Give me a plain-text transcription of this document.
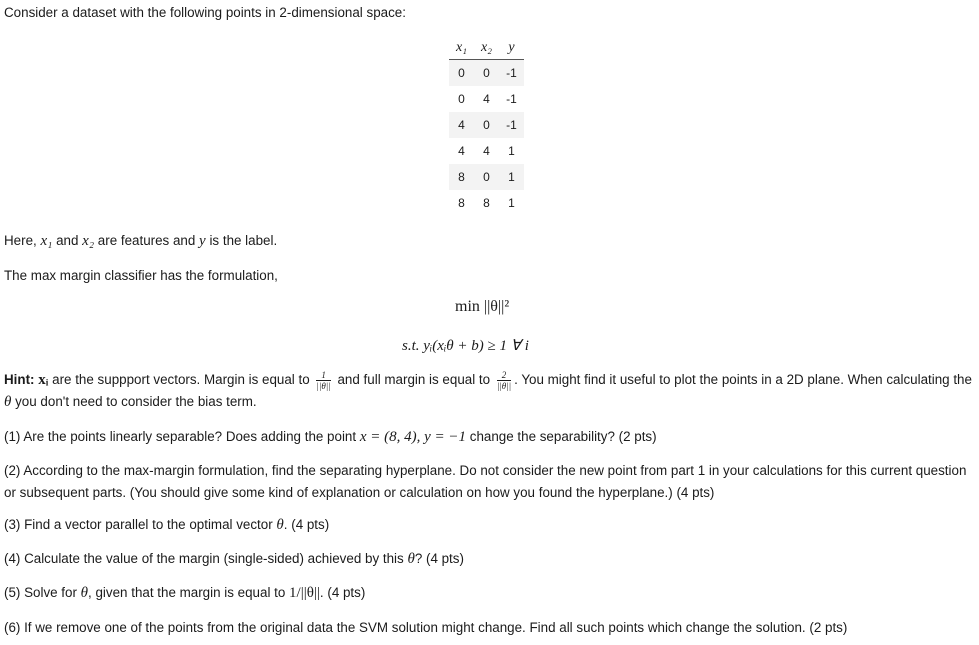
Consider a dataset with the following points in 2-dimensional space:
x₁	x₂	y
0	0	-1
0	4	-1
4	0	-1
4	4	1
8	0	1
8	8	1
Here, x₁ and x₂ are features and y is the label.
The max margin classifier has the formulation,
min ||θ||²
s.t. yᵢ(xᵢθ + b) ≥ 1 ∀ i
Hint: xᵢ are the suppport vectors. Margin is equal to $\frac{1}{||\theta||}$ and full margin is equal to $\frac{2}{||\theta||}$ . You might find it useful to plot the points in a 2D plane. When calculating the θ you don't need to consider the bias term.
(1) Are the points linearly separable? Does adding the point x = (8, 4), y = −1 change the separability? (2 pts)
(2) According to the max-margin formulation, find the separating hyperplane. Do not consider the new point from part 1 in your calculations for this current question or subsequent parts. (You should give some kind of explanation or calculation on how you found the hyperplane.) (4 pts)
(3) Find a vector parallel to the optimal vector θ. (4 pts)
(4) Calculate the value of the margin (single-sided) achieved by this θ? (4 pts)
(5) Solve for θ, given that the margin is equal to 1/||θ||. (4 pts)
(6) If we remove one of the points from the original data the SVM solution might change. Find all such points which change the solution. (2 pts)
